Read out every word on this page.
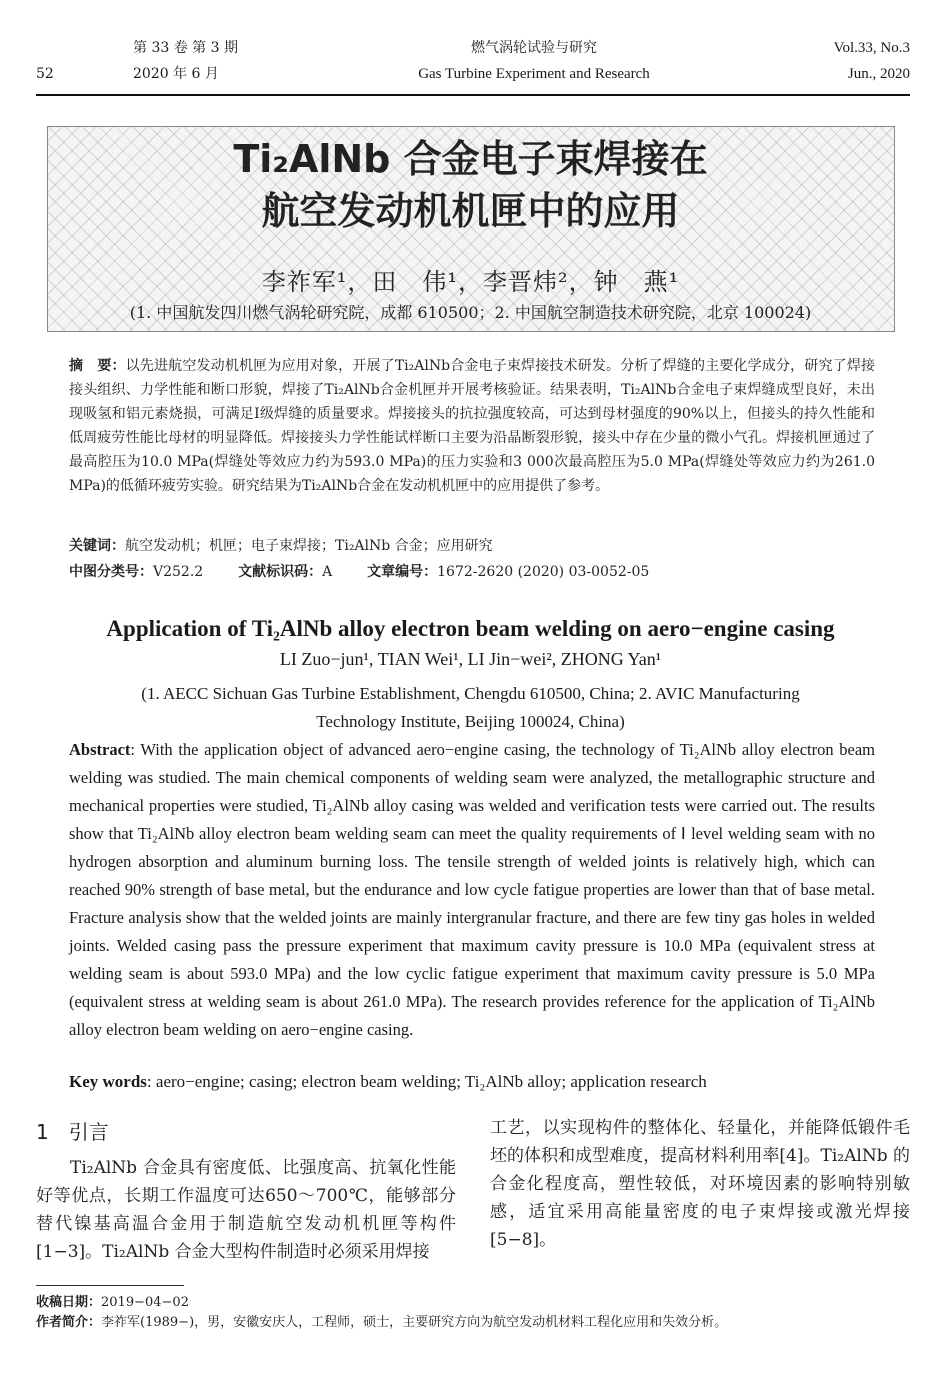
52
第 33 卷 第 3 期
2020 年 6 月
燃气涡轮试验与研究
Gas Turbine Experiment and Research
Vol.33, No.3
Jun., 2020
Ti₂AlNb 合金电子束焊接在
航空发动机机匣中的应用
李祚军¹，田　伟¹，李晋炜²，钟　燕¹
(1. 中国航发四川燃气涡轮研究院，成都 610500；2. 中国航空制造技术研究院，北京 100024)
摘　要：以先进航空发动机机匣为应用对象，开展了Ti₂AlNb合金电子束焊接技术研发。分析了焊缝的主要化学成分，研究了焊接接头组织、力学性能和断口形貌，焊接了Ti₂AlNb合金机匣并开展考核验证。结果表明，Ti₂AlNb合金电子束焊缝成型良好，未出现吸氢和铝元素烧损，可满足Ⅰ级焊缝的质量要求。焊接接头的抗拉强度较高，可达到母材强度的90%以上，但接头的持久性能和低周疲劳性能比母材的明显降低。焊接接头力学性能试样断口主要为沿晶断裂形貌，接头中存在少量的微小气孔。焊接机匣通过了最高腔压为10.0 MPa(焊缝处等效应力约为593.0 MPa)的压力实验和3 000次最高腔压为5.0 MPa(焊缝处等效应力约为261.0 MPa)的低循环疲劳实验。研究结果为Ti₂AlNb合金在发动机机匣中的应用提供了参考。
关键词：航空发动机；机匣；电子束焊接；Ti₂AlNb 合金；应用研究
中图分类号：V252.2 文献标识码：A 文章编号：1672-2620 (2020) 03-0052-05
Application of Ti₂AlNb alloy electron beam welding on aero−engine casing
LI Zuo−jun¹, TIAN Wei¹, LI Jin−wei², ZHONG Yan¹
(1. AECC Sichuan Gas Turbine Establishment, Chengdu 610500, China; 2. AVIC Manufacturing Technology Institute, Beijing 100024, China)
Abstract: With the application object of advanced aero−engine casing, the technology of Ti₂AlNb alloy electron beam welding was studied. The main chemical components of welding seam were analyzed, the metallographic structure and mechanical properties were studied, Ti₂AlNb alloy casing was welded and verification tests were carried out. The results show that Ti₂AlNb alloy electron beam welding seam can meet the quality requirements of Ⅰ level welding seam with no hydrogen absorption and aluminum burning loss. The tensile strength of welded joints is relatively high, which can reached 90% strength of base metal, but the endurance and low cycle fatigue properties are lower than that of base metal. Fracture analysis show that the welded joints are mainly intergranular fracture, and there are few tiny gas holes in welded joints. Welded casing pass the pressure experiment that maximum cavity pressure is 10.0 MPa (equivalent stress at welding seam is about 593.0 MPa) and the low cyclic fatigue experiment that maximum cavity pressure is 5.0 MPa (equivalent stress at welding seam is about 261.0 MPa). The research provides reference for the application of Ti₂AlNb alloy electron beam welding on aero−engine casing.
Key words: aero−engine; casing; electron beam welding; Ti₂AlNb alloy; application research
1　引言
Ti₂AlNb 合金具有密度低、比强度高、抗氧化性能好等优点，长期工作温度可达650～700℃，能够部分替代镍基高温合金用于制造航空发动机机匣等构件[1−3]。Ti₂AlNb 合金大型构件制造时必须采用焊接
工艺，以实现构件的整体化、轻量化，并能降低锻件毛坯的体积和成型难度，提高材料利用率[4]。Ti₂AlNb 的合金化程度高，塑性较低，对环境因素的影响特别敏感，适宜采用高能量密度的电子束焊接或激光焊接[5−8]。
收稿日期：2019−04−02
作者简介：李祚军(1989−)，男，安徽安庆人，工程师，硕士，主要研究方向为航空发动机材料工程化应用和失效分析。
